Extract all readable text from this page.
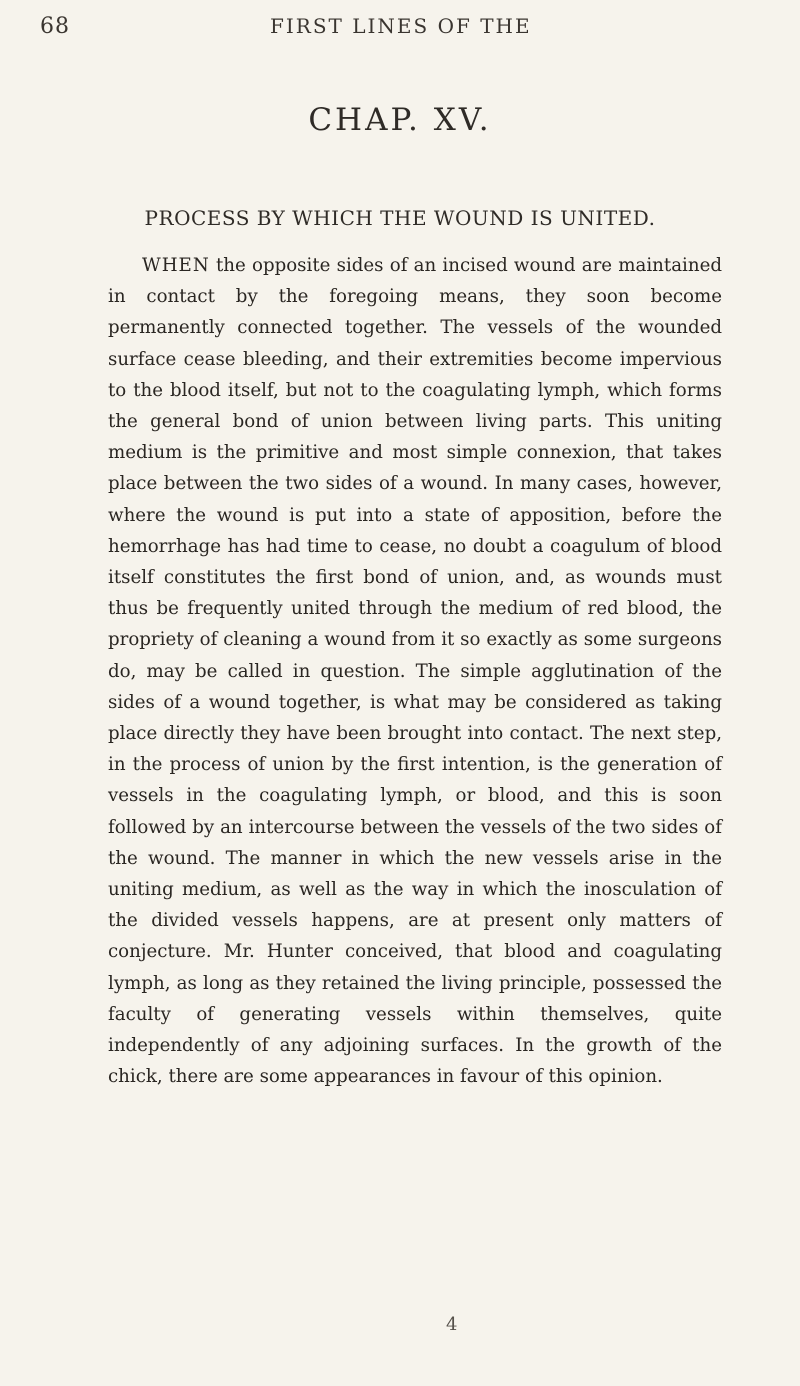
68	FIRST LINES OF THE
CHAP. XV.
PROCESS BY WHICH THE WOUND IS UNITED.

WHEN the opposite sides of an incised wound are maintained in contact by the foregoing means, they soon become permanently connected together. The vessels of the wounded surface cease bleeding, and their extremities become impervious to the blood itself, but not to the coagulating lymph, which forms the general bond of union between living parts. This uniting medium is the primitive and most simple connexion, that takes place between the two sides of a wound. In many cases, however, where the wound is put into a state of apposition, before the hemorrhage has had time to cease, no doubt a coagulum of blood itself constitutes the first bond of union, and, as wounds must thus be frequently united through the medium of red blood, the propriety of cleaning a wound from it so exactly as some surgeons do, may be called in question. The simple agglutination of the sides of a wound together, is what may be considered as taking place directly they have been brought into contact. The next step, in the process of union by the first intention, is the generation of vessels in the coagulating lymph, or blood, and this is soon followed by an intercourse between the vessels of the two sides of the wound. The manner in which the new vessels arise in the uniting medium, as well as the way in which the inosculation of the divided vessels happens, are at present only matters of conjecture. Mr. Hunter conceived, that blood and coagulating lymph, as long as they retained the living principle, possessed the faculty of generating vessels within themselves, quite independently of any adjoining surfaces. In the growth of the chick, there are some appearances in favour of this opinion.

4
